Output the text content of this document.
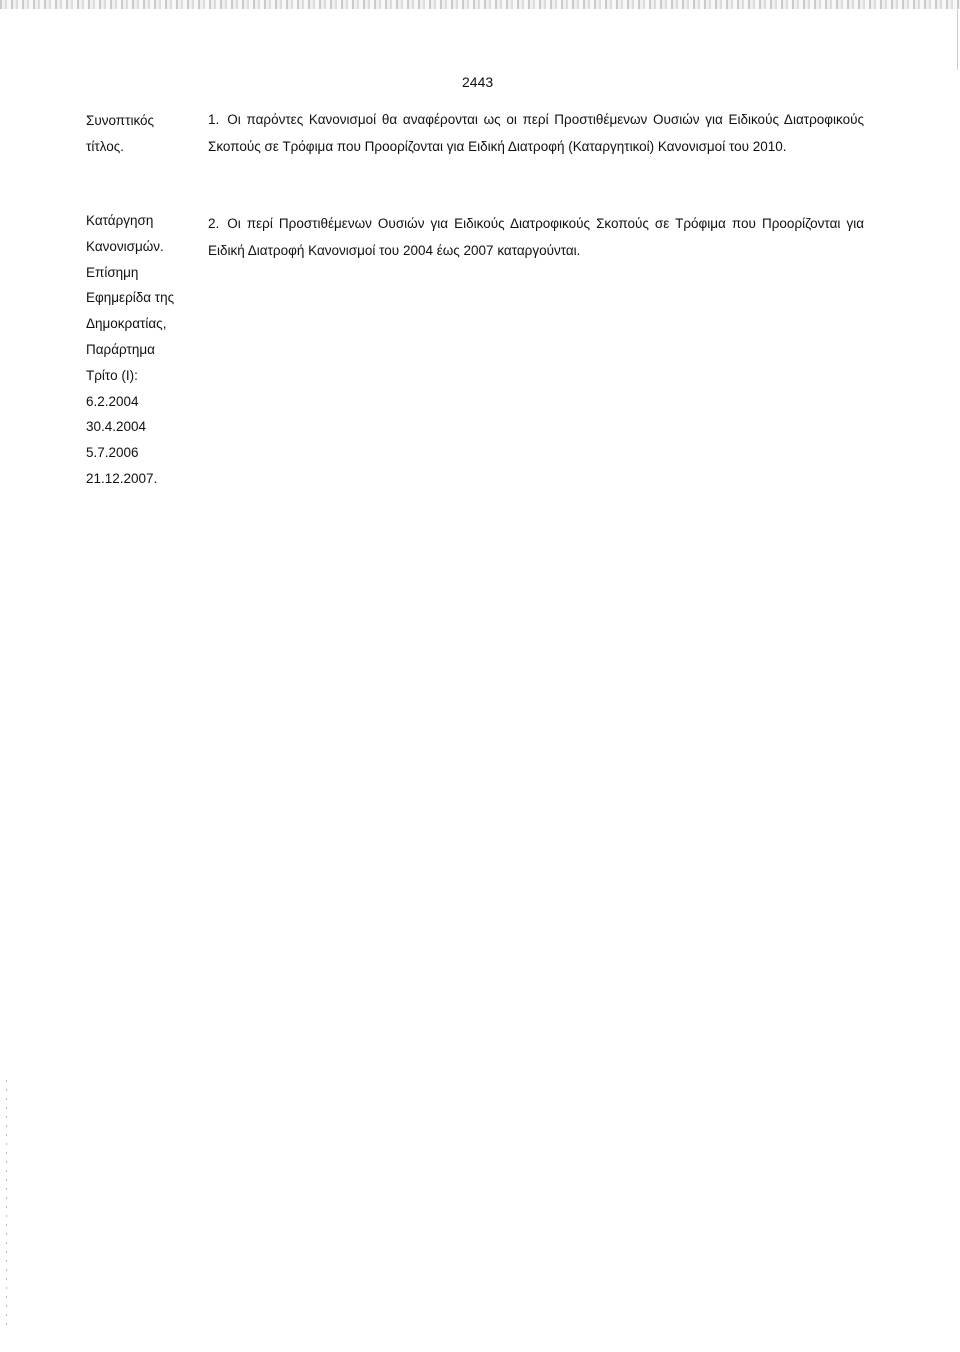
2443
Συνοπτικός
τίτλος.
1. Οι παρόντες Κανονισμοί θα αναφέρονται ως οι περί Προστιθέμενων Ουσιών για Ειδικούς Διατροφικούς Σκοπούς σε Τρόφιμα που Προορίζονται για Ειδική Διατροφή (Καταργητικοί) Κανονισμοί του 2010.
Κατάργηση
Κανονισμών.
Επίσημη
Εφημερίδα της
Δημοκρατίας,
Παράρτημα
Τρίτο (Ι):
6.2.2004
30.4.2004
5.7.2006
21.12.2007.
2. Οι περί Προστιθέμενων Ουσιών για Ειδικούς Διατροφικούς Σκοπούς σε Τρόφιμα που Προορίζονται για Ειδική Διατροφή Κανονισμοί του 2004 έως 2007 καταργούνται.
